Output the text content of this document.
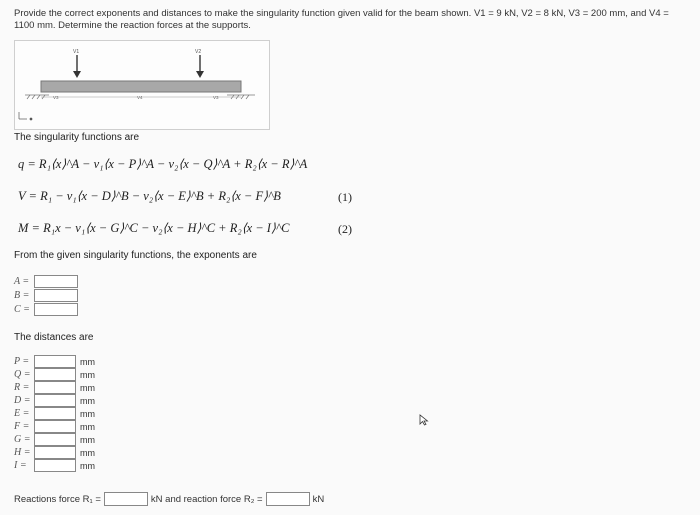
Provide the correct exponents and distances to make the singularity function given valid for the beam shown. V1 = 9 kN, V2 = 8 kN, V3 = 200 mm, and V4 = 1100 mm. Determine the reaction forces at the supports.
V1	V2
V3	V4	V3
The singularity functions are
q = R₁⟨x⟩^A − v₁⟨x − P⟩^A − v₂⟨x − Q⟩^A + R₂⟨x − R⟩^A
V = R₁ − v₁⟨x − D⟩^B − v₂⟨x − E⟩^B + R₂⟨x − F⟩^B	(1)
M = R₁x − v₁⟨x − G⟩^C − v₂⟨x − H⟩^C + R₂⟨x − I⟩^C	(2)
From the given singularity functions, the exponents are
A =
B =
C =
The distances are
P =	mm
Q =	mm
R =	mm
D =	mm
E =	mm
F =	mm
G =	mm
H =	mm
I =	mm
Reactions force R₁ =	kN and reaction force R₂ =	kN
